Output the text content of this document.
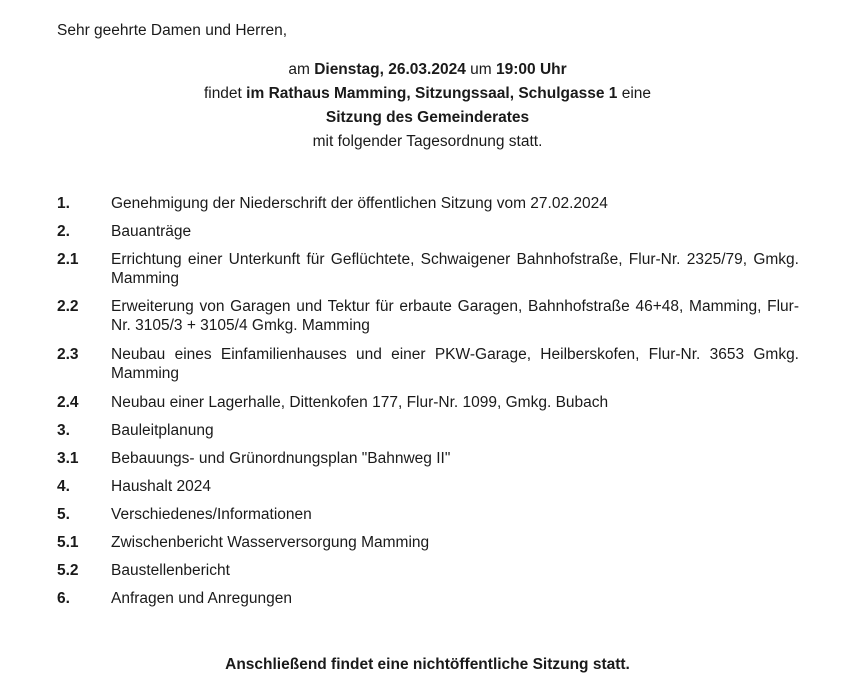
Sehr geehrte Damen und Herren,
am Dienstag, 26.03.2024 um 19:00 Uhr
findet im Rathaus Mamming, Sitzungssaal, Schulgasse 1 eine
Sitzung des Gemeinderates
mit folgender Tagesordnung statt.
1.	Genehmigung der Niederschrift der öffentlichen Sitzung vom 27.02.2024
2.	Bauanträge
2.1	Errichtung einer Unterkunft für Geflüchtete, Schwaigener Bahnhofstraße, Flur-Nr. 2325/79, Gmkg. Mamming
2.2	Erweiterung von Garagen und Tektur für erbaute Garagen, Bahnhofstraße 46+48, Mamming, Flur-Nr. 3105/3 + 3105/4 Gmkg. Mamming
2.3	Neubau eines Einfamilienhauses und einer PKW-Garage, Heilberskofen, Flur-Nr. 3653 Gmkg. Mamming
2.4	Neubau einer Lagerhalle, Dittenkofen 177, Flur-Nr. 1099, Gmkg. Bubach
3.	Bauleitplanung
3.1	Bebauungs- und Grünordnungsplan "Bahnweg II"
4.	Haushalt 2024
5.	Verschiedenes/Informationen
5.1	Zwischenbericht Wasserversorgung Mamming
5.2	Baustellenbericht
6.	Anfragen und Anregungen
Anschließend findet eine nichtöffentliche Sitzung statt.
